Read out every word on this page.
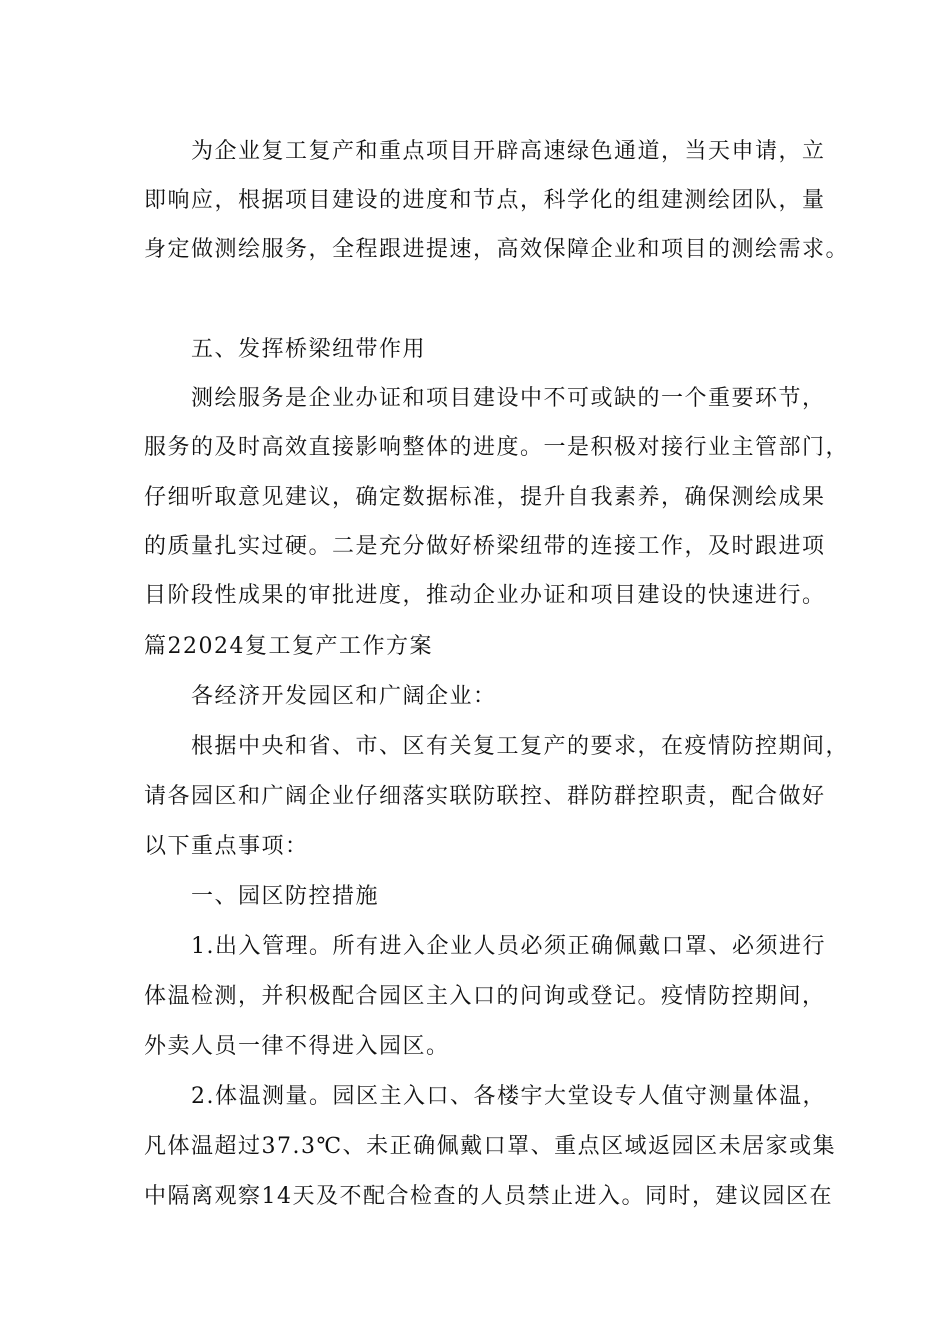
为企业复工复产和重点项目开辟高速绿色通道，当天申请，立
即响应，根据项目建设的进度和节点，科学化的组建测绘团队，量
身定做测绘服务，全程跟进提速，高效保障企业和项目的测绘需求。
五、发挥桥梁纽带作用
测绘服务是企业办证和项目建设中不可或缺的一个重要环节，
服务的及时高效直接影响整体的进度。一是积极对接行业主管部门，
仔细听取意见建议，确定数据标准，提升自我素养，确保测绘成果
的质量扎实过硬。二是充分做好桥梁纽带的连接工作，及时跟进项
目阶段性成果的审批进度，推动企业办证和项目建设的快速进行。
篇22024复工复产工作方案
各经济开发园区和广阔企业：
根据中央和省、市、区有关复工复产的要求，在疫情防控期间，
请各园区和广阔企业仔细落实联防联控、群防群控职责，配合做好
以下重点事项：
一、园区防控措施
1.出入管理。所有进入企业人员必须正确佩戴口罩、必须进行
体温检测，并积极配合园区主入口的问询或登记。疫情防控期间，
外卖人员一律不得进入园区。
2.体温测量。园区主入口、各楼宇大堂设专人值守测量体温，
凡体温超过37.3℃、未正确佩戴口罩、重点区域返园区未居家或集
中隔离观察14天及不配合检查的人员禁止进入。同时，建议园区在
